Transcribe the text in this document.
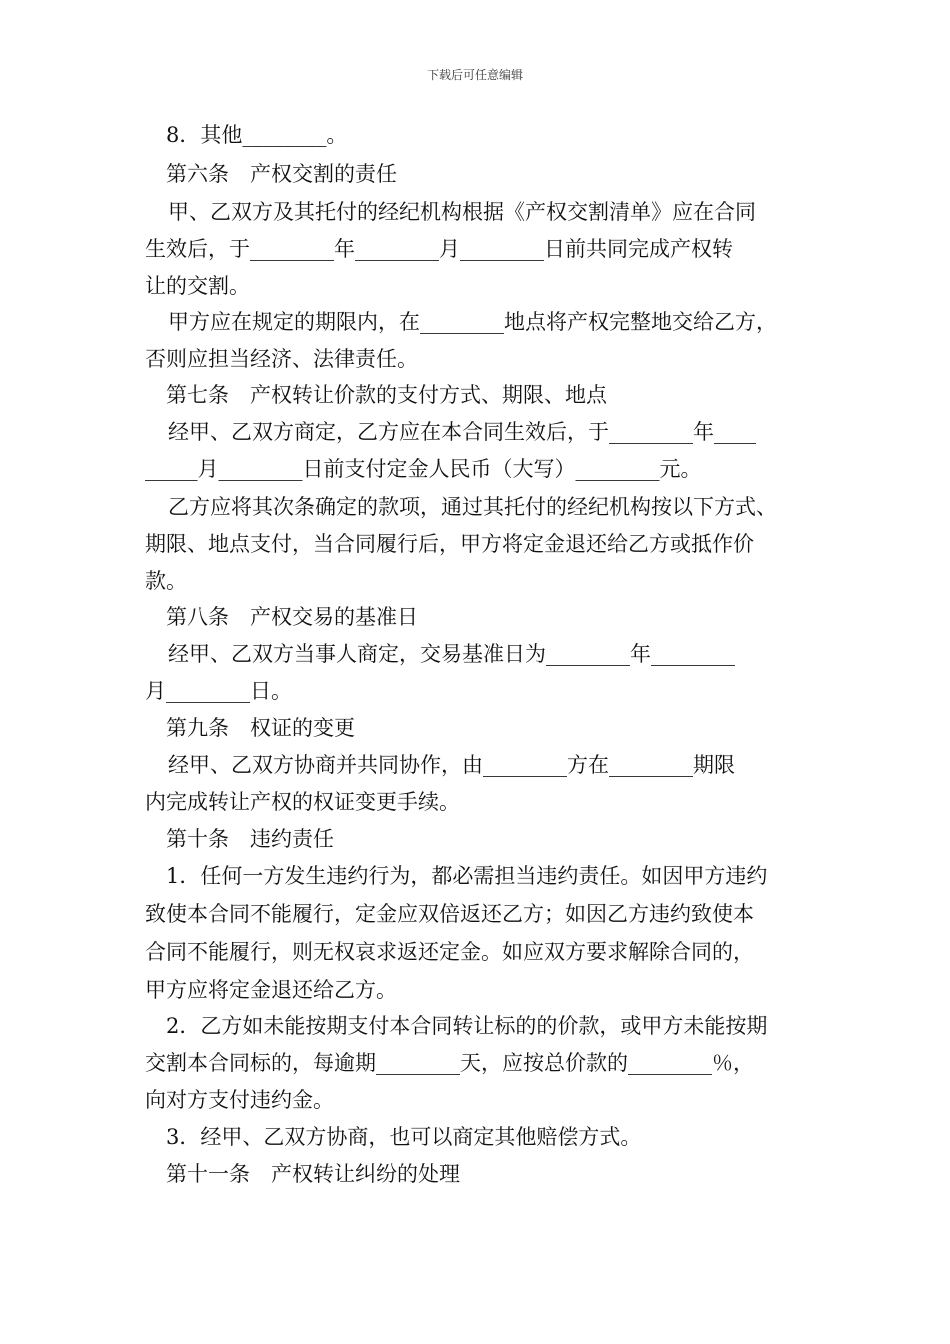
下载后可任意编辑
8．其他________。
第六条　产权交割的责任
甲、乙双方及其托付的经纪机构根据《产权交割清单》应在合同
生效后，于________年________月________日前共同完成产权转
让的交割。
甲方应在规定的期限内，在________地点将产权完整地交给乙方，
否则应担当经济、法律责任。
第七条　产权转让价款的支付方式、期限、地点
经甲、乙双方商定，乙方应在本合同生效后，于________年____
_____月________日前支付定金人民币（大写）________元。
乙方应将其次条确定的款项，通过其托付的经纪机构按以下方式、
期限、地点支付，当合同履行后，甲方将定金退还给乙方或抵作价
款。
第八条　产权交易的基准日
经甲、乙双方当事人商定，交易基准日为________年________
月________日。
第九条　权证的变更
经甲、乙双方协商并共同协作，由________方在________期限
内完成转让产权的权证变更手续。
第十条　违约责任
1．任何一方发生违约行为，都必需担当违约责任。如因甲方违约
致使本合同不能履行，定金应双倍返还乙方；如因乙方违约致使本
合同不能履行，则无权哀求返还定金。如应双方要求解除合同的，
甲方应将定金退还给乙方。
2．乙方如未能按期支付本合同转让标的的价款，或甲方未能按期
交割本合同标的，每逾期________天，应按总价款的________％，
向对方支付违约金。
3．经甲、乙双方协商，也可以商定其他赔偿方式。
第十一条　产权转让纠纷的处理
